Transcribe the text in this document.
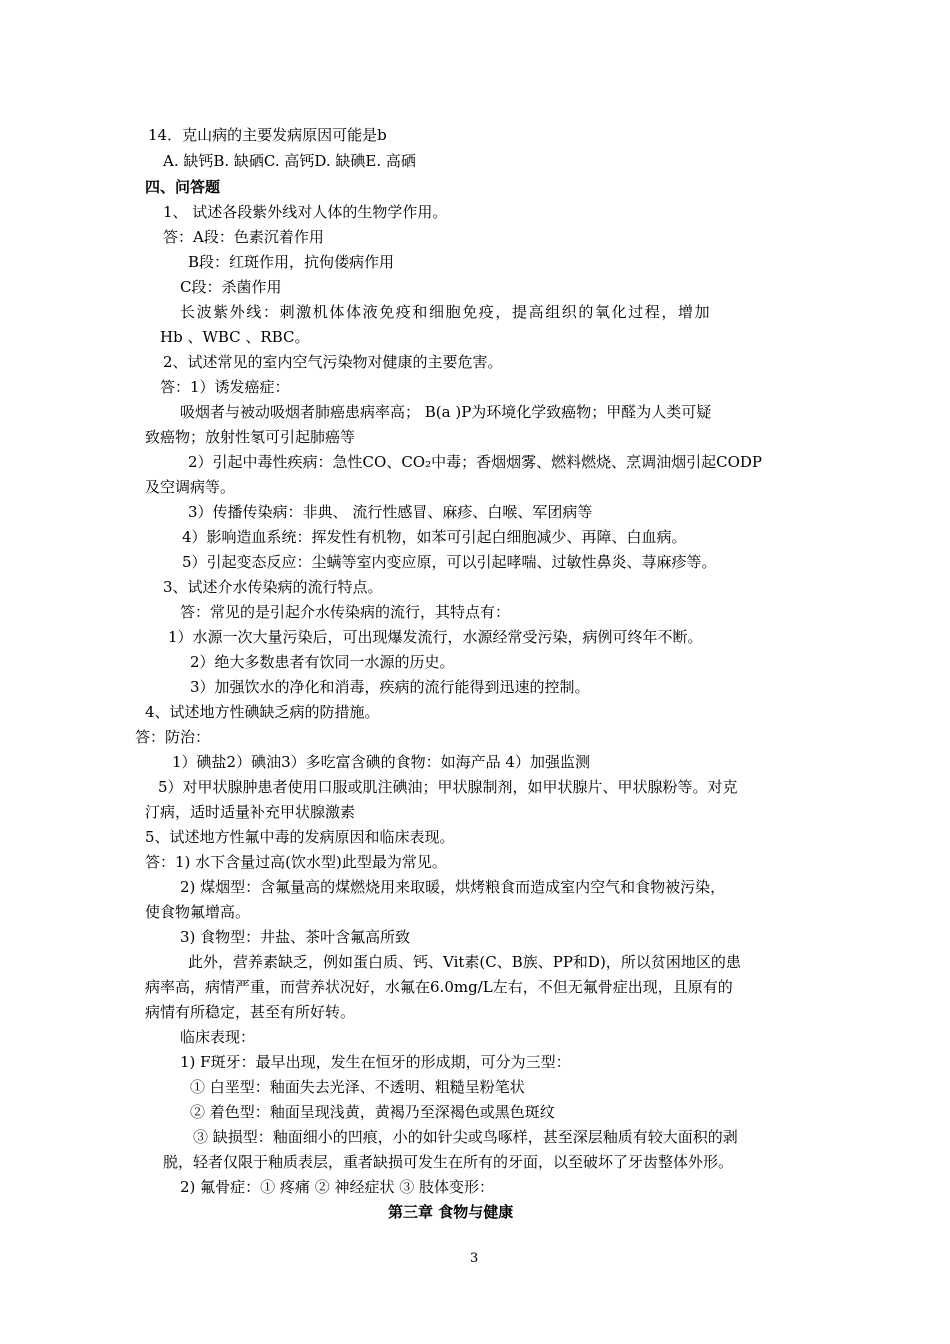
14．克山病的主要发病原因可能是b
A. 缺钙B. 缺硒C. 高钙D. 缺碘E. 高硒
四、问答题
1、 试述各段紫外线对人体的生物学作用。
答：A段：色素沉着作用
B段：红斑作用，抗佝偻病作用
C段：杀菌作用
长波紫外线：刺激机体体液免疫和细胞免疫，提高组织的氧化过程，增加
Hb 、WBC 、RBC。
2、试述常见的室内空气污染物对健康的主要危害。
答：1）诱发癌症：
吸烟者与被动吸烟者肺癌患病率高； B(a )P为环境化学致癌物；甲醛为人类可疑
致癌物；放射性氡可引起肺癌等
2）引起中毒性疾病：急性CO、CO₂中毒；香烟烟雾、燃料燃烧、烹调油烟引起CODP
及空调病等。
3）传播传染病：非典、 流行性感冒、麻疹、白喉、军团病等
4）影响造血系统：挥发性有机物，如苯可引起白细胞减少、再障、白血病。
5）引起变态反应：尘螨等室内变应原，可以引起哮喘、过敏性鼻炎、荨麻疹等。
3、试述介水传染病的流行特点。
答：常见的是引起介水传染病的流行，其特点有：
1）水源一次大量污染后，可出现爆发流行，水源经常受污染，病例可终年不断。
2）绝大多数患者有饮同一水源的历史。
3）加强饮水的净化和消毒，疾病的流行能得到迅速的控制。
4、试述地方性碘缺乏病的防措施。
答：防治：
1）碘盐2）碘油3）多吃富含碘的食物：如海产品 4）加强监测
5）对甲状腺肿患者使用口服或肌注碘油；甲状腺制剂，如甲状腺片、甲状腺粉等。对克
汀病，适时适量补充甲状腺激素
5、试述地方性氟中毒的发病原因和临床表现。
答：1) 水下含量过高(饮水型)此型最为常见。
2) 煤烟型：含氟量高的煤燃烧用来取暖，烘烤粮食而造成室内空气和食物被污染，
使食物氟增高。
3) 食物型：井盐、茶叶含氟高所致
此外，营养素缺乏，例如蛋白质、钙、Vit素(C、B族、PP和D)，所以贫困地区的患
病率高，病情严重，而营养状况好，水氟在6.0mg/L左右，不但无氟骨症出现，且原有的
病情有所稳定，甚至有所好转。
临床表现：
1) F斑牙：最早出现，发生在恒牙的形成期，可分为三型：
① 白垩型：釉面失去光泽、不透明、粗糙呈粉笔状
② 着色型：釉面呈现浅黄，黄褐乃至深褐色或黑色斑纹
③ 缺损型：釉面细小的凹痕，小的如针尖或鸟啄样，甚至深层釉质有较大面积的剥
脱，轻者仅限于釉质表层，重者缺损可发生在所有的牙面，以至破坏了牙齿整体外形。
2) 氟骨症：① 疼痛 ② 神经症状 ③ 肢体变形：
第三章 食物与健康
3
